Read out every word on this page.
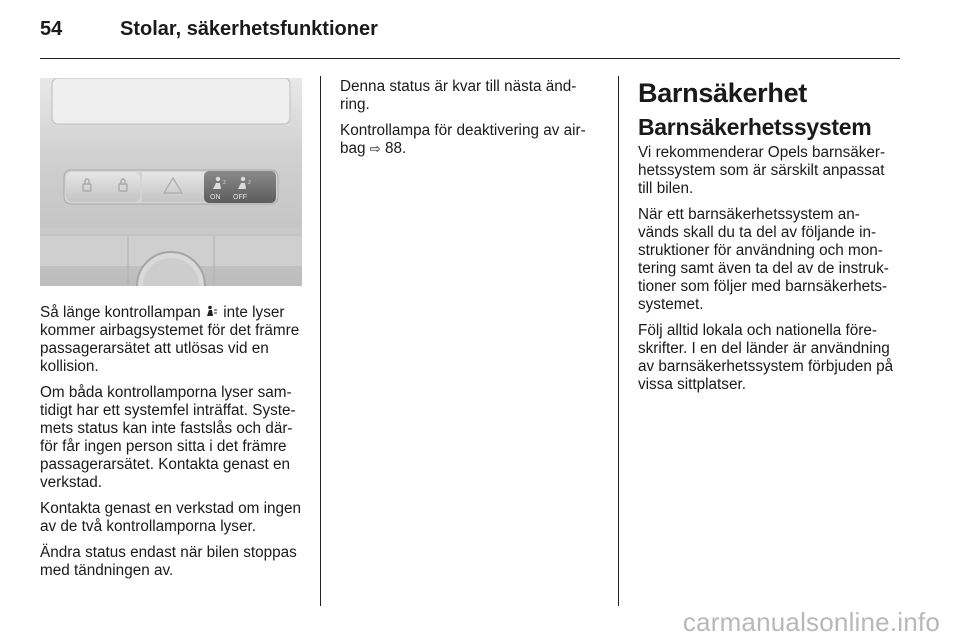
54	Stolar, säkerhetsfunktioner
2
ON
2
OFF

Så länge kontrollampan  inte lyser kommer airbagsystemet för det främre passagerarsätet att utlösas vid en kollision.

Om båda kontrollamporna lyser sam-tidigt har ett systemfel inträffat. Syste-mets status kan inte fastslås och där-för får ingen person sitta i det främre passagerarsätet. Kontakta genast en verkstad.

Kontakta genast en verkstad om ingen av de två kontrollamporna lyser.

Ändra status endast när bilen stoppas med tändningen av.

Denna status är kvar till nästa änd-ring.

Kontrollampa för deaktivering av air-bag ⇨ 88.

Barnsäkerhet
Barnsäkerhetssystem

Vi rekommenderar Opels barnsäker-hetssystem som är särskilt anpassat till bilen.

När ett barnsäkerhetssystem an-vänds skall du ta del av följande in-struktioner för användning och mon-tering samt även ta del av de instruk-tioner som följer med barnsäkerhets-systemet.

Följ alltid lokala och nationella före-skrifter. I en del länder är användning av barnsäkerhetssystem förbjuden på vissa sittplatser.

carmanualsonline.info
